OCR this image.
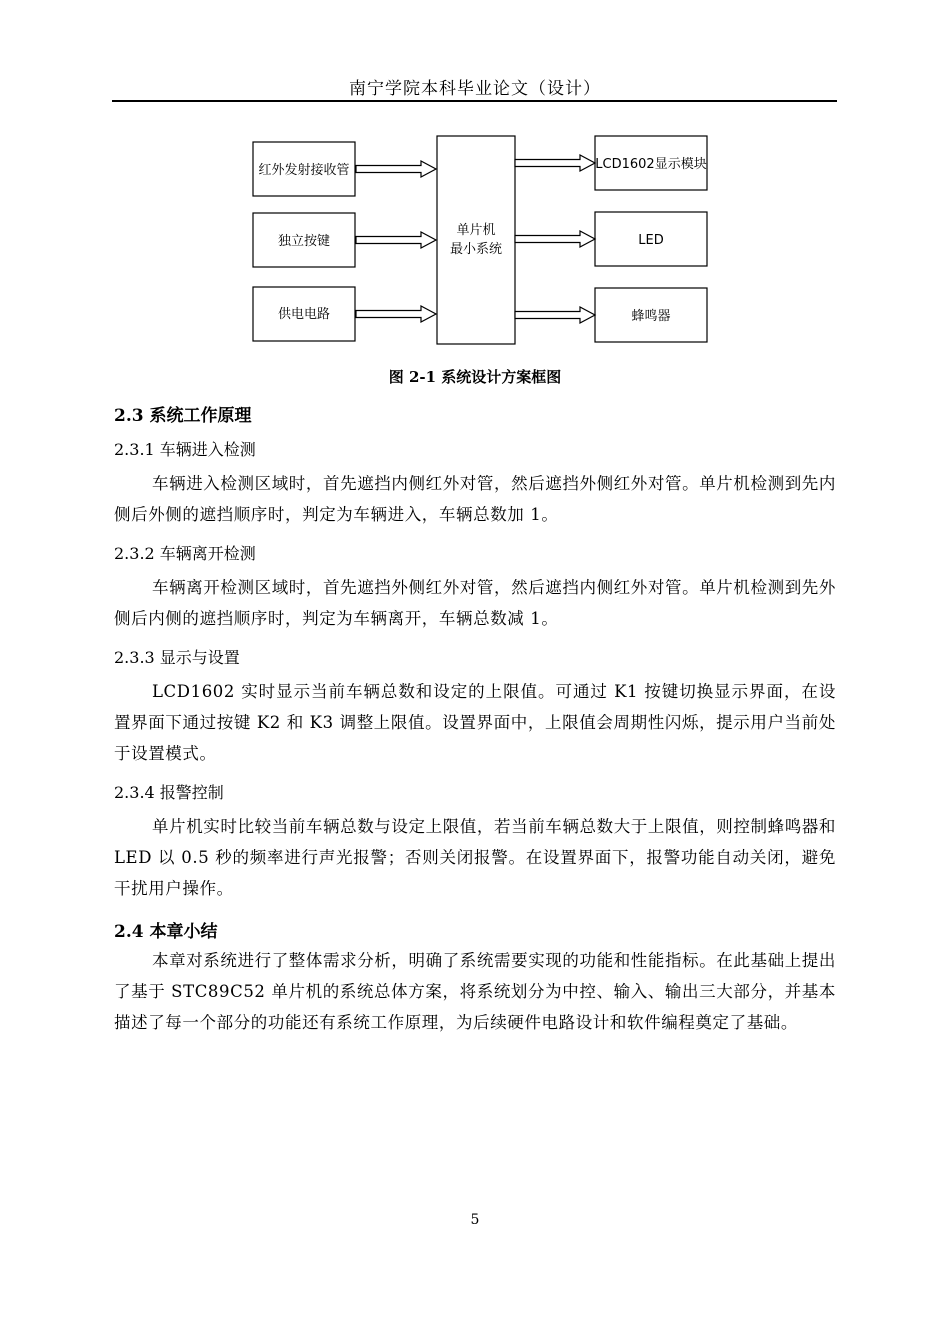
南宁学院本科毕业论文（设计）
红外发射接收管
独立按键
供电电路
单片机
最小系统
LCD1602显示模块
LED
蜂鸣器
图 2-1 系统设计方案框图
2.3 系统工作原理
2.3.1 车辆进入检测
车辆进入检测区域时，首先遮挡内侧红外对管，然后遮挡外侧红外对管。单片机检测到先内侧后外侧的遮挡顺序时，判定为车辆进入，车辆总数加 1。
2.3.2 车辆离开检测
车辆离开检测区域时，首先遮挡外侧红外对管，然后遮挡内侧红外对管。单片机检测到先外侧后内侧的遮挡顺序时，判定为车辆离开，车辆总数减 1。
2.3.3 显示与设置
LCD1602 实时显示当前车辆总数和设定的上限值。可通过 K1 按键切换显示界面，在设置界面下通过按键 K2 和 K3 调整上限值。设置界面中，上限值会周期性闪烁，提示用户当前处于设置模式。
2.3.4 报警控制
单片机实时比较当前车辆总数与设定上限值，若当前车辆总数大于上限值，则控制蜂鸣器和 LED 以 0.5 秒的频率进行声光报警；否则关闭报警。在设置界面下，报警功能自动关闭，避免干扰用户操作。
2.4 本章小结
本章对系统进行了整体需求分析，明确了系统需要实现的功能和性能指标。在此基础上提出了基于 STC89C52 单片机的系统总体方案，将系统划分为中控、输入、输出三大部分，并基本描述了每一个部分的功能还有系统工作原理，为后续硬件电路设计和软件编程奠定了基础。
5
